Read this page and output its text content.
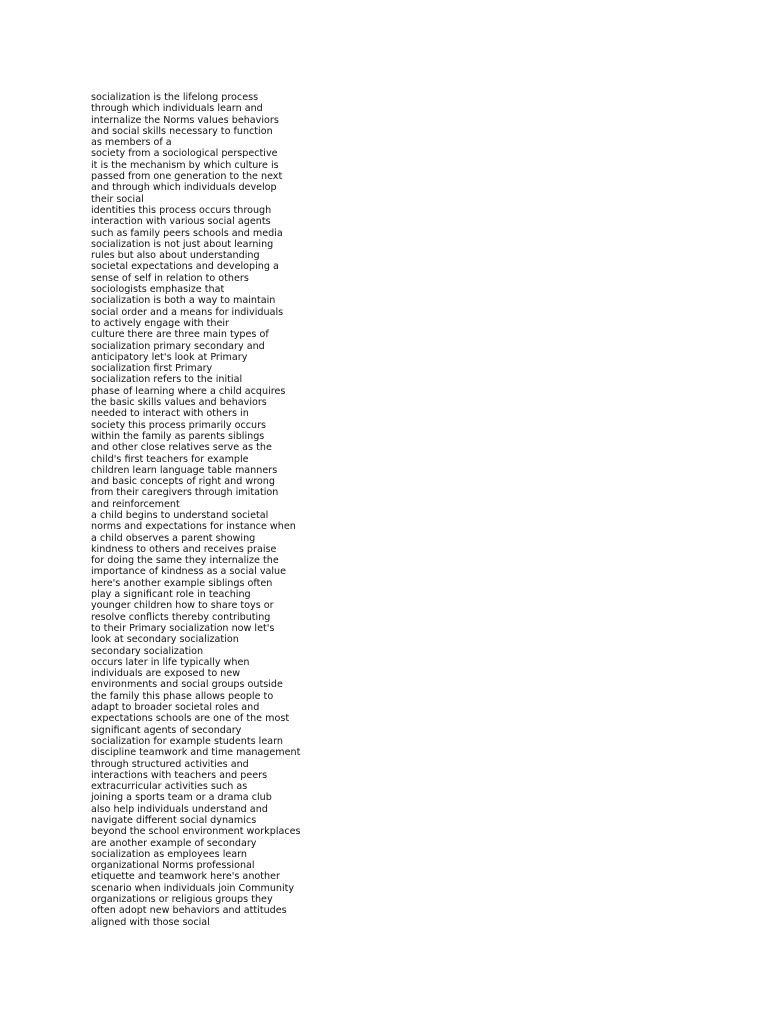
socialization is the lifelong process
through which individuals learn and
internalize the Norms values behaviors
and social skills necessary to function
as members of a
society from a sociological perspective
it is the mechanism by which culture is
passed from one generation to the next
and through which individuals develop
their social
identities this process occurs through
interaction with various social agents
such as family peers schools and media
socialization is not just about learning
rules but also about understanding
societal expectations and developing a
sense of self in relation to others
sociologists emphasize that
socialization is both a way to maintain
social order and a means for individuals
to actively engage with their
culture there are three main types of
socialization primary secondary and
anticipatory let's look at Primary
socialization first Primary
socialization refers to the initial
phase of learning where a child acquires
the basic skills values and behaviors
needed to interact with others in
society this process primarily occurs
within the family as parents siblings
and other close relatives serve as the
child's first teachers for example
children learn language table manners
and basic concepts of right and wrong
from their caregivers through imitation
and reinforcement
a child begins to understand societal
norms and expectations for instance when
a child observes a parent showing
kindness to others and receives praise
for doing the same they internalize the
importance of kindness as a social value
here's another example siblings often
play a significant role in teaching
younger children how to share toys or
resolve conflicts thereby contributing
to their Primary socialization now let's
look at secondary socialization
secondary socialization
occurs later in life typically when
individuals are exposed to new
environments and social groups outside
the family this phase allows people to
adapt to broader societal roles and
expectations schools are one of the most
significant agents of secondary
socialization for example students learn
discipline teamwork and time management
through structured activities and
interactions with teachers and peers
extracurricular activities such as
joining a sports team or a drama club
also help individuals understand and
navigate different social dynamics
beyond the school environment workplaces
are another example of secondary
socialization as employees learn
organizational Norms professional
etiquette and teamwork here's another
scenario when individuals join Community
organizations or religious groups they
often adopt new behaviors and attitudes
aligned with those social
